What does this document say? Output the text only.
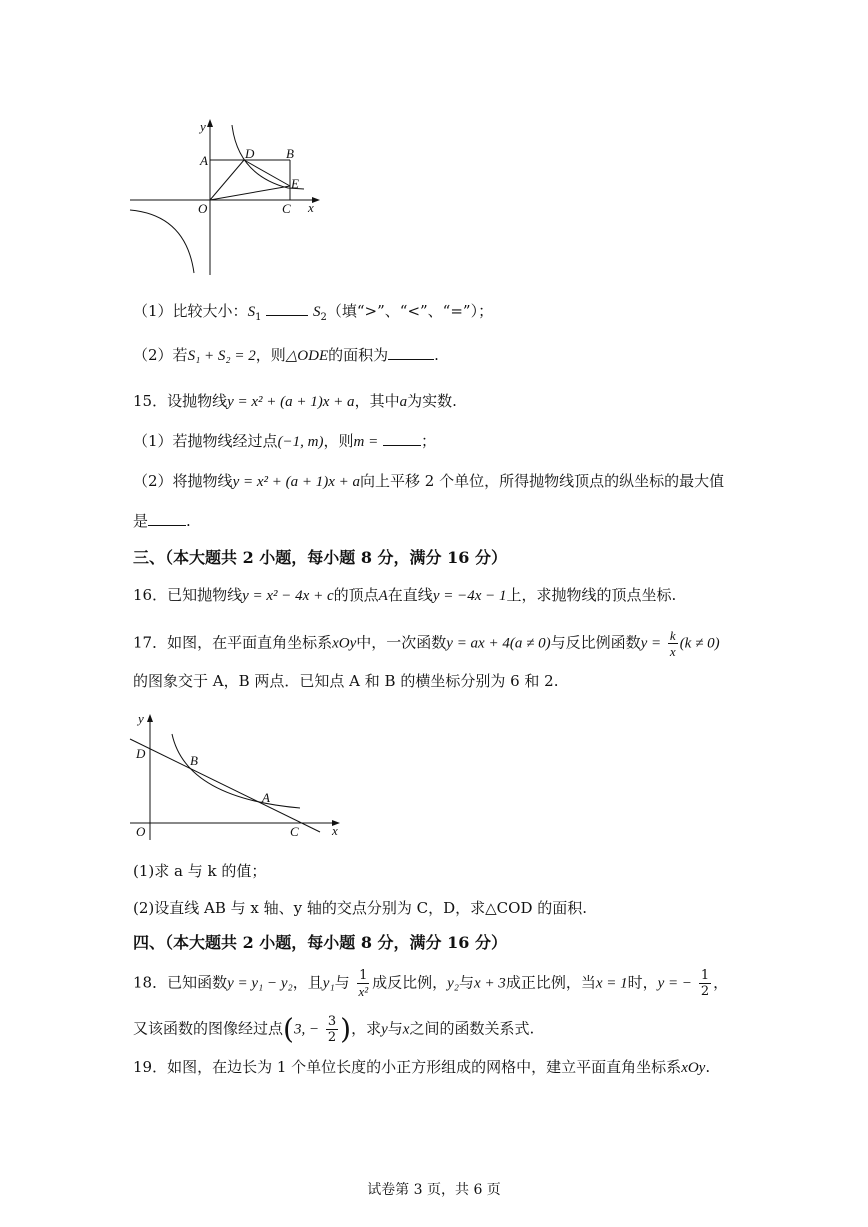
y
x
A	D B
E
O	C
（1）比较大小：$S_1$	$S_2$（填“>”、“<”、“=”）；
（2）若S₁ + S₂ = 2，则△ODE的面积为	.
15．设抛物线y = x² + (a + 1)x + a，其中a为实数.
（1）若抛物线经过点(−1, m)，则m =	；
（2）将抛物线y = x² + (a + 1)x + a向上平移 2 个单位，所得抛物线顶点的纵坐标的最大值
是	.
三、（本大题共 2 小题，每小题 8 分，满分 16 分）
16．已知抛物线y = x² − 4x + c的顶点A在直线y = −4x − 1上，求抛物线的顶点坐标.
17．如图，在平面直角坐标系xOy中，一次函数y = ax + 4(a ≠ 0)与反比例函数$y = \frac{k}{x} (k \ne 0)$
的图象交于 A，B 两点．已知点 A 和 B 的横坐标分别为 6 和 2.
y
x
D	B
A
O	C
(1)求 a 与 k 的值；
(2)设直线 AB 与 x 轴、y 轴的交点分别为 C，D，求△COD 的面积.
四、（本大题共 2 小题，每小题 8 分，满分 16 分）
18．已知函数y = y₁ − y₂，且y₁与 $\frac{1}{\text{x²}}$ 成反比例，y₂与x + 3成正比例，当x = 1时，y = − $\frac{1}{2}$ ，
又该函数的图像经过点(3, − $\frac{3}{2}$ )，求y与x之间的函数关系式.
19．如图，在边长为 1 个单位长度的小正方形组成的网格中，建立平面直角坐标系xOy.
试卷第 3 页，共 6 页
